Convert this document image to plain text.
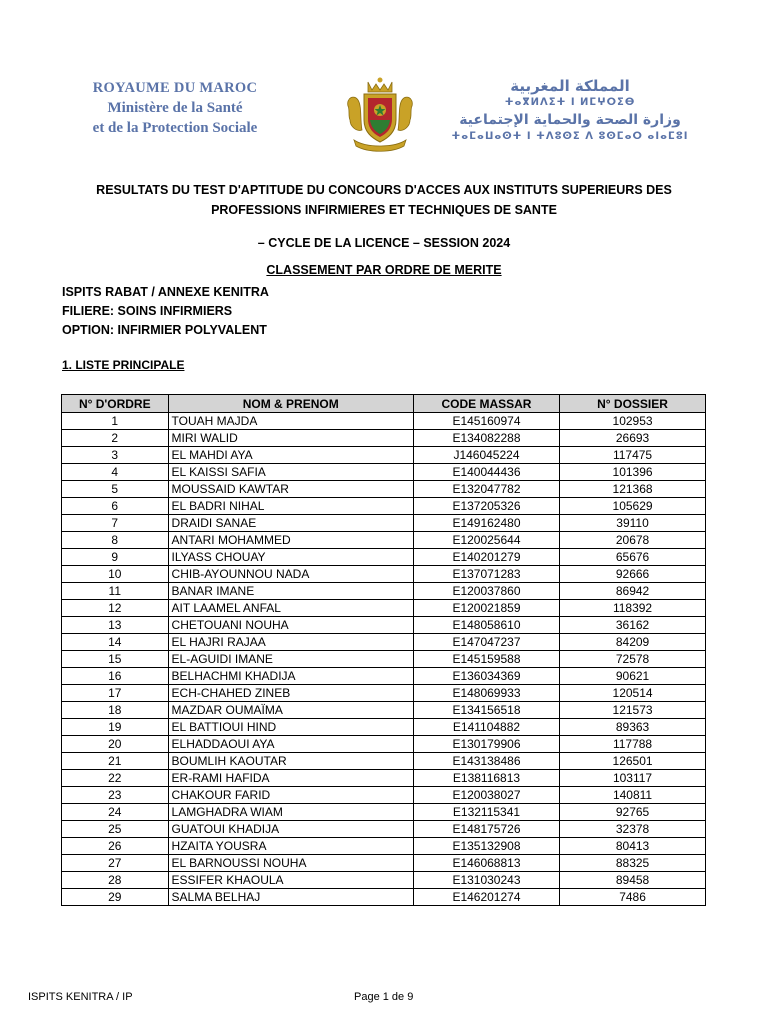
ROYAUME DU MAROC
Ministère de la Santé
et de la Protection Sociale
المملكة المغربية
ⵜⴰⴳⵍⴷⵉⵜ ⵏ ⵍⵎⵖⵔⵉⴱ
وزارة الصحة والحماية الإجتماعية
ⵜⴰⵎⴰⵡⴰⵙⵜ ⵏ ⵜⴷⵓⵙⵉ ⴷ ⵓⵙⵎⴰⵔ ⴰⵏⴰⵎⵓⵏ
RESULTATS DU TEST D'APTITUDE DU CONCOURS D'ACCES AUX INSTITUTS SUPERIEURS DES
PROFESSIONS INFIRMIERES ET TECHNIQUES DE SANTE
– CYCLE DE LA LICENCE – SESSION 2024
CLASSEMENT PAR ORDRE DE MERITE
ISPITS RABAT / ANNEXE KENITRA
FILIERE: SOINS INFIRMIERS
OPTION: INFIRMIER POLYVALENT
1. LISTE PRINCIPALE
N° D'ORDRE	NOM & PRENOM	CODE MASSAR	N° DOSSIER
1	TOUAH MAJDA	E145160974	102953
2	MIRI WALID	E134082288	26693
3	EL MAHDI AYA	J146045224	117475
4	EL KAISSI SAFIA	E140044436	101396
5	MOUSSAID KAWTAR	E132047782	121368
6	EL BADRI NIHAL	E137205326	105629
7	DRAIDI SANAE	E149162480	39110
8	ANTARI MOHAMMED	E120025644	20678
9	ILYASS CHOUAY	E140201279	65676
10	CHIB-AYOUNNOU NADA	E137071283	92666
11	BANAR IMANE	E120037860	86942
12	AIT LAAMEL ANFAL	E120021859	118392
13	CHETOUANI NOUHA	E148058610	36162
14	EL HAJRI RAJAA	E147047237	84209
15	EL-AGUIDI IMANE	E145159588	72578
16	BELHACHMI KHADIJA	E136034369	90621
17	ECH-CHAHED ZINEB	E148069933	120514
18	MAZDAR OUMAÏMA	E134156518	121573
19	EL BATTIOUI HIND	E141104882	89363
20	ELHADDAOUI AYA	E130179906	117788
21	BOUMLIH KAOUTAR	E143138486	126501
22	ER-RAMI HAFIDA	E138116813	103117
23	CHAKOUR FARID	E120038027	140811
24	LAMGHADRA WIAM	E132115341	92765
25	GUATOUI KHADIJA	E148175726	32378
26	HZAITA YOUSRA	E135132908	80413
27	EL BARNOUSSI NOUHA	E146068813	88325
28	ESSIFER KHAOULA	E131030243	89458
29	SALMA BELHAJ	E146201274	7486
ISPITS KENITRA / IP	Page 1 de 9
